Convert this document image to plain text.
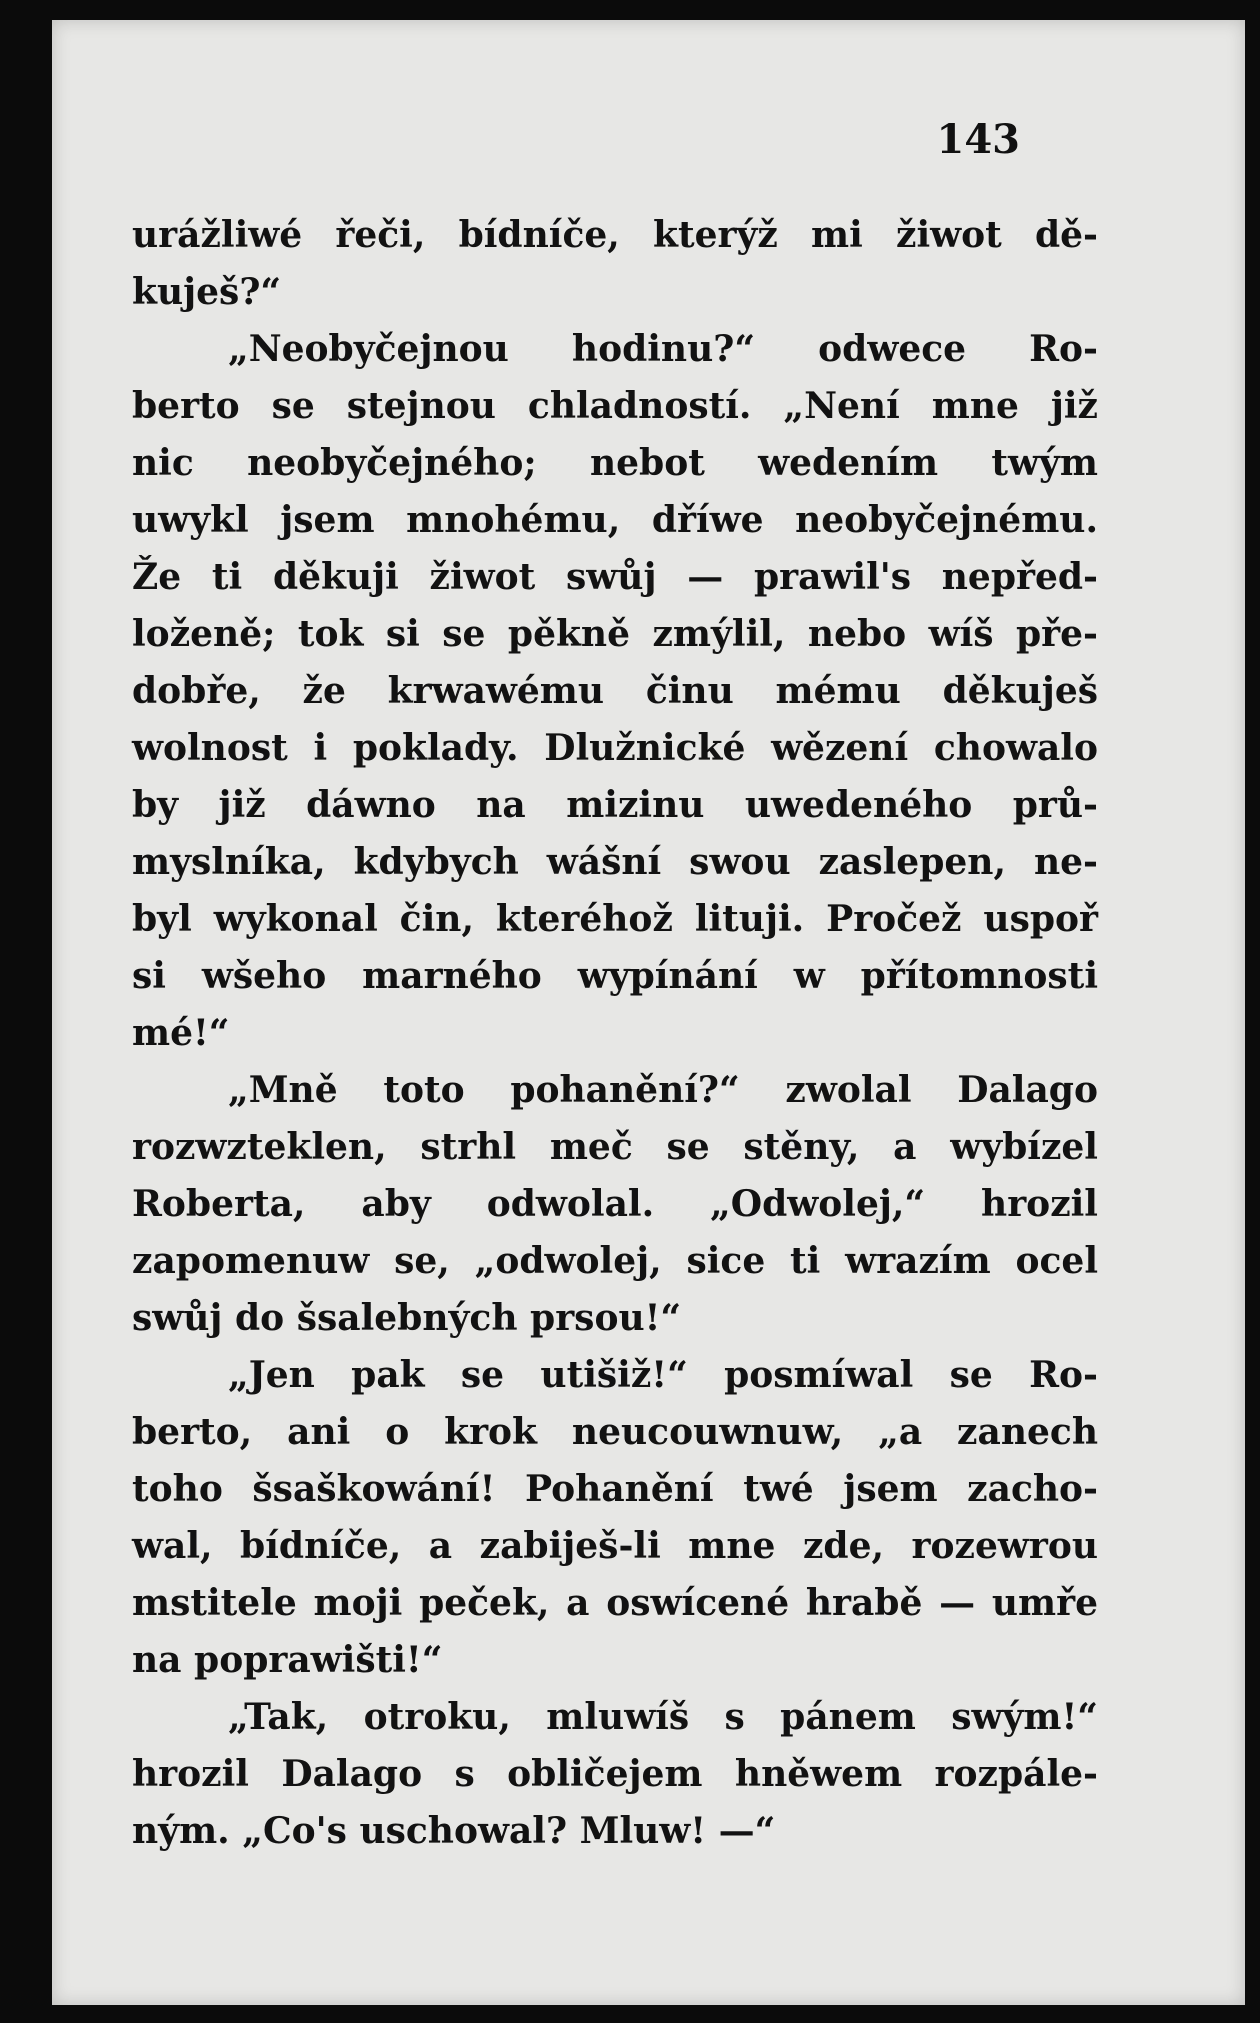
143
urážliwé řeči, bídníče, kterýž mi žiwot dě-
kuješ?“
„Neobyčejnou hodinu?“ odwece Ro-
berto se stejnou chladností. „Není mne již
nic neobyčejného; nebot wedením twým
uwykl jsem mnohému, dříwe neobyčejnému.
Že ti děkuji žiwot swůj — prawil's nepřed-
loženě; tok si se pěkně zmýlil, nebo wíš pře-
dobře, že krwawému činu mému děkuješ
wolnost i poklady. Dlužnické wězení chowalo
by již dáwno na mizinu uwedeného prů-
myslníka, kdybych wášní swou zaslepen, ne-
byl wykonal čin, kteréhož lituji. Pročež uspoř
si wšeho marného wypínání w přítomnosti
mé!“
„Mně toto pohanění?“ zwolal Dalago
rozwzteklen, strhl meč se stěny, a wybízel
Roberta, aby odwolal. „Odwolej,“ hrozil
zapomenuw se, „odwolej, sice ti wrazím ocel
swůj do šsalebných prsou!“
„Jen pak se utišiž!“ posmíwal se Ro-
berto, ani o krok neucouwnuw, „a zanech
toho šsaškowání! Pohanění twé jsem zacho-
wal, bídníče, a zabiješ-li mne zde, rozewrou
mstitele moji peček, a oswícené hrabě — umře
na poprawišti!“
„Tak, otroku, mluwíš s pánem swým!“
hrozil Dalago s obličejem hněwem rozpále-
ným. „Co's uschowal? Mluw! —“
